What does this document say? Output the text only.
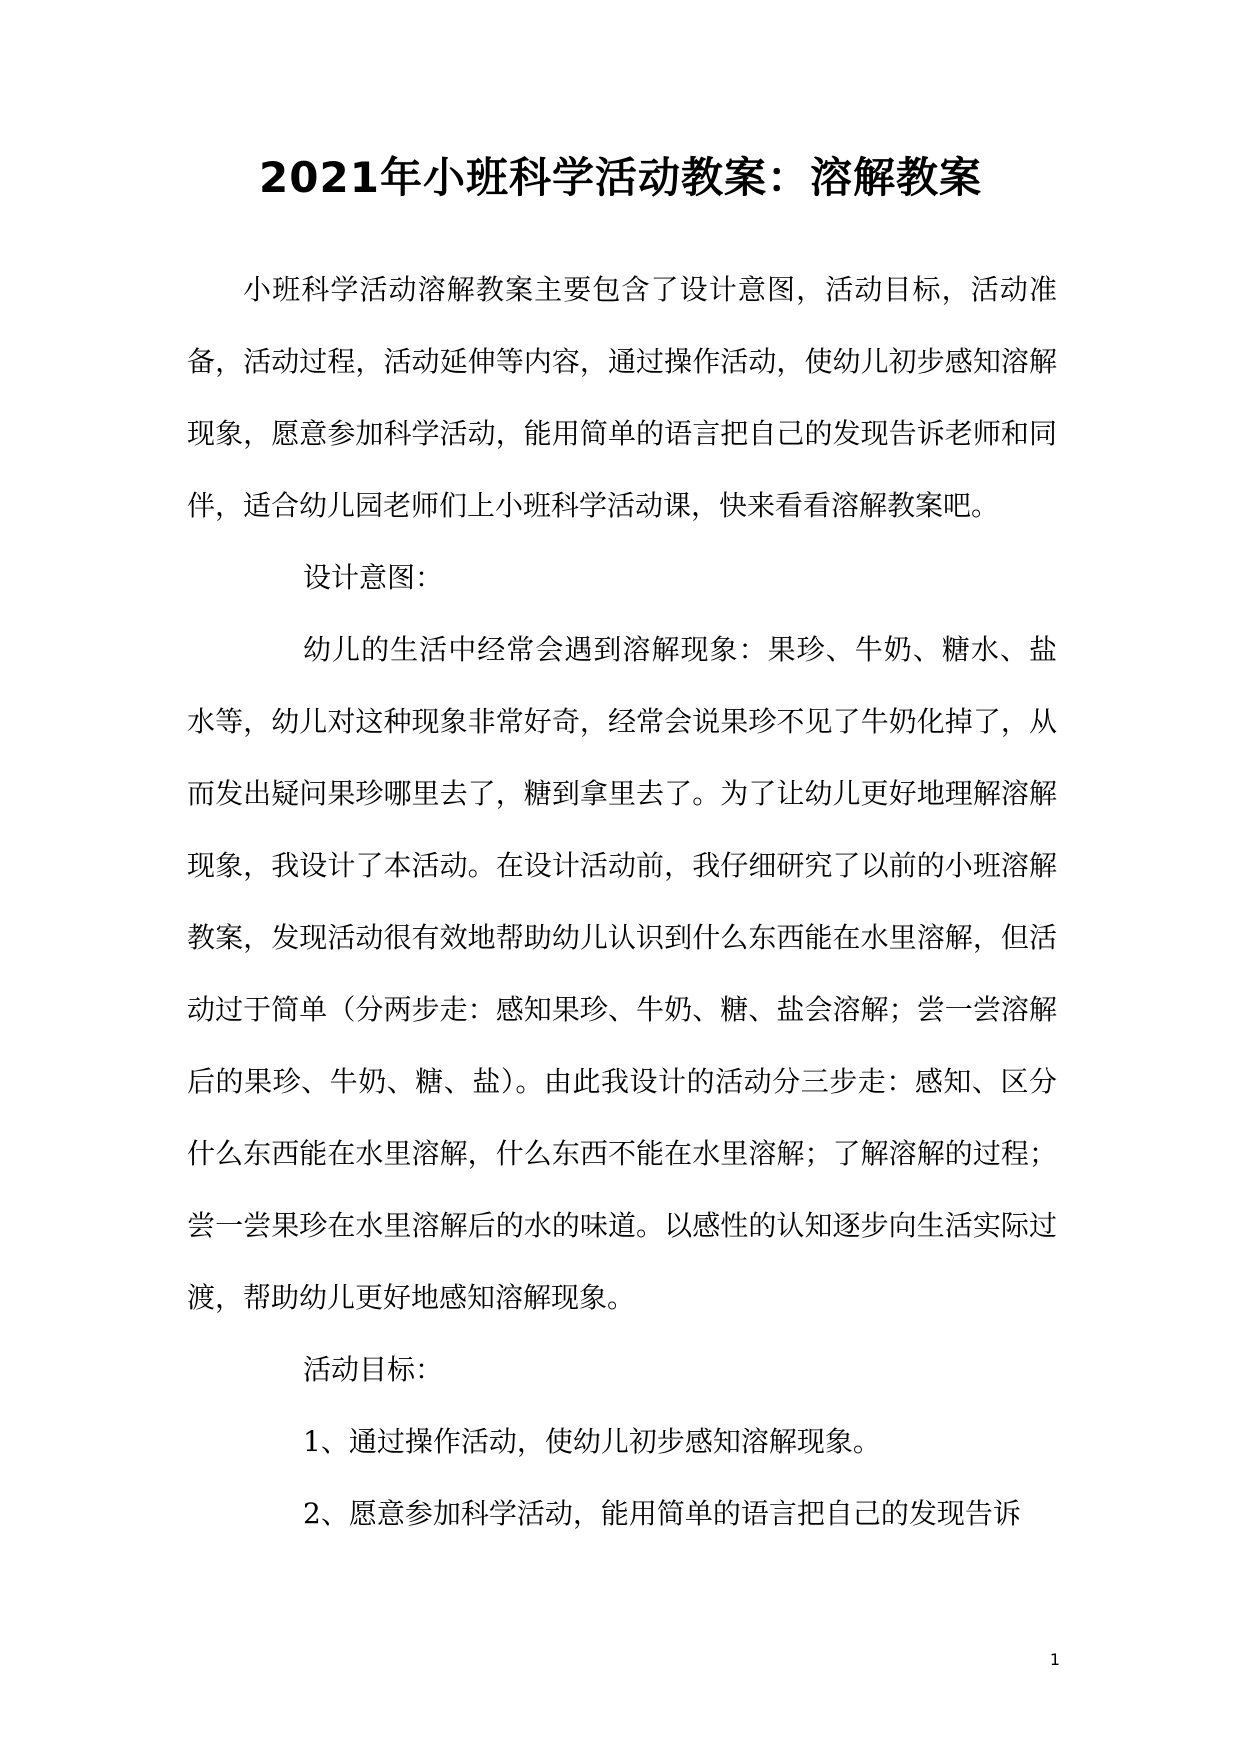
2021年小班科学活动教案：溶解教案

小班科学活动溶解教案主要包含了设计意图，活动目标，活动准备，活动过程，活动延伸等内容，通过操作活动，使幼儿初步感知溶解现象，愿意参加科学活动，能用简单的语言把自己的发现告诉老师和同伴，适合幼儿园老师们上小班科学活动课，快来看看溶解教案吧。

设计意图：

幼儿的生活中经常会遇到溶解现象：果珍、牛奶、糖水、盐水等，幼儿对这种现象非常好奇，经常会说果珍不见了牛奶化掉了，从而发出疑问果珍哪里去了，糖到拿里去了。为了让幼儿更好地理解溶解现象，我设计了本活动。在设计活动前，我仔细研究了以前的小班溶解教案，发现活动很有效地帮助幼儿认识到什么东西能在水里溶解，但活动过于简单（分两步走：感知果珍、牛奶、糖、盐会溶解；尝一尝溶解后的果珍、牛奶、糖、盐）。由此我设计的活动分三步走：感知、区分什么东西能在水里溶解，什么东西不能在水里溶解；了解溶解的过程；尝一尝果珍在水里溶解后的水的味道。以感性的认知逐步向生活实际过渡，帮助幼儿更好地感知溶解现象。

活动目标：

1、通过操作活动，使幼儿初步感知溶解现象。

2、愿意参加科学活动，能用简单的语言把自己的发现告诉

1
